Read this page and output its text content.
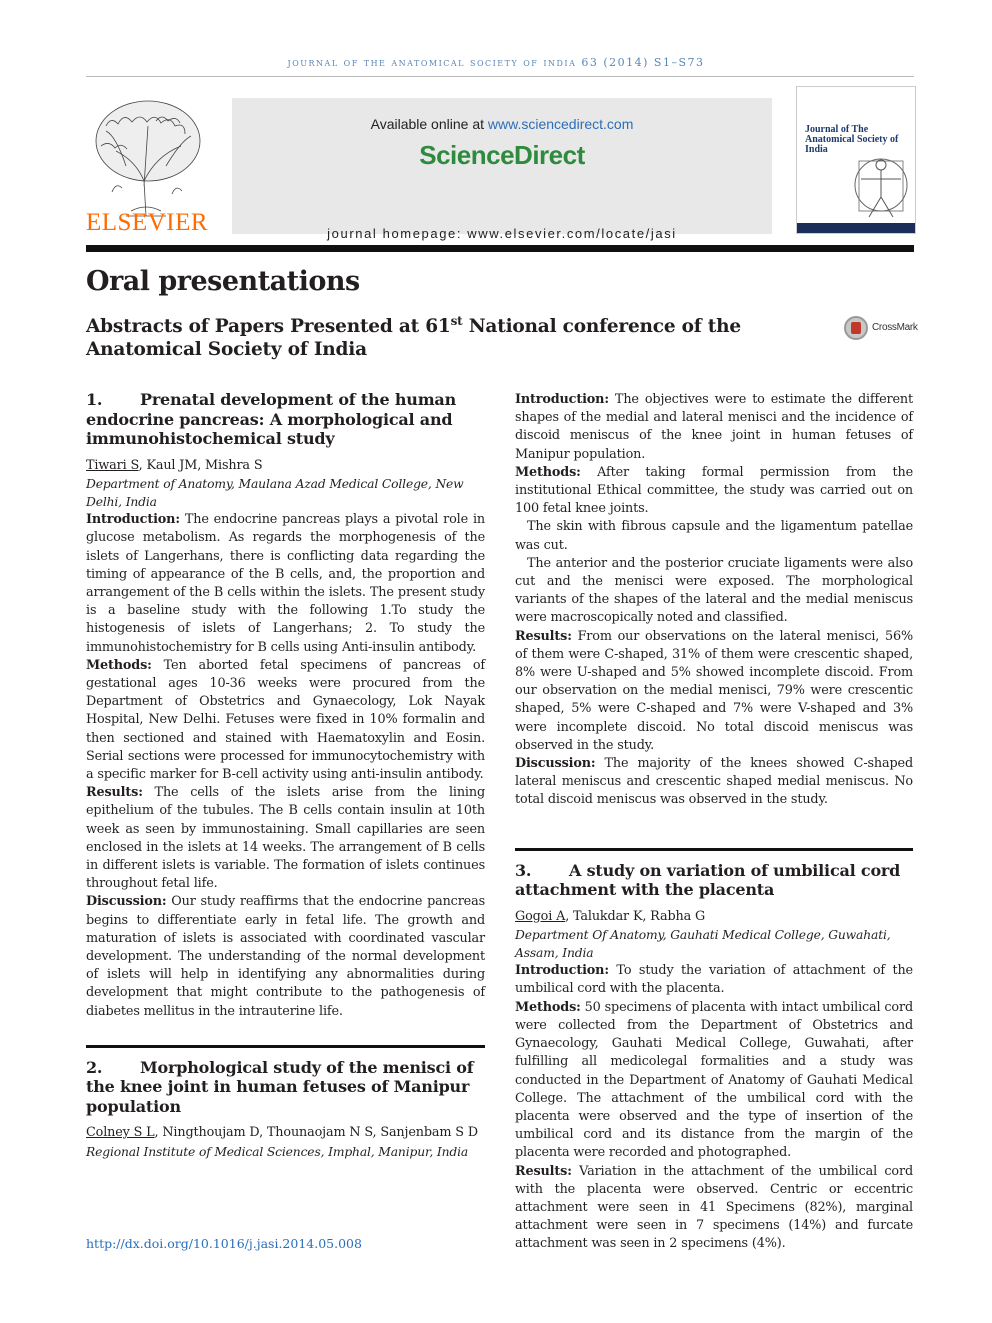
journal of the anatomical society of india 63 (2014) S1–S73
ELSEVIER
Available online at www.sciencedirect.com
ScienceDirect
journal homepage: www.elsevier.com/locate/jasi
Journal of The Anatomical Society of India
Oral presentations
Abstracts of Papers Presented at 61st National conference of the Anatomical Society of India
CrossMark
1. Prenatal development of the human endocrine pancreas: A morphological and immunohistochemical study

Tiwari S, Kaul JM, Mishra S

Department of Anatomy, Maulana Azad Medical College, New Delhi, India

Introduction: The endocrine pancreas plays a pivotal role in glucose metabolism. As regards the morphogenesis of the islets of Langerhans, there is conflicting data regarding the timing of appearance of the B cells, and, the proportion and arrangement of the B cells within the islets. The present study is a baseline study with the following 1.To study the histogenesis of islets of Langerhans; 2. To study the immunohistochemistry for B cells using Anti-insulin antibody.

Methods: Ten aborted fetal specimens of pancreas of gestational ages 10-36 weeks were procured from the Department of Obstetrics and Gynaecology, Lok Nayak Hospital, New Delhi. Fetuses were fixed in 10% formalin and then sectioned and stained with Haematoxylin and Eosin. Serial sections were processed for immunocytochemistry with a specific marker for B-cell activity using anti-insulin antibody.

Results: The cells of the islets arise from the lining epithelium of the tubules. The B cells contain insulin at 10th week as seen by immunostaining. Small capillaries are seen enclosed in the islets at 14 weeks. The arrangement of B cells in different islets is variable. The formation of islets continues throughout fetal life.

Discussion: Our study reaffirms that the endocrine pancreas begins to differentiate early in fetal life. The growth and maturation of islets is associated with coordinated vascular development. The understanding of the normal development of islets will help in identifying any abnormalities during development that might contribute to the pathogenesis of diabetes mellitus in the intrauterine life.

2. Morphological study of the menisci of the knee joint in human fetuses of Manipur population

Colney S L, Ningthoujam D, Thounaojam N S, Sanjenbam S D

Regional Institute of Medical Sciences, Imphal, Manipur, India

Introduction: The objectives were to estimate the different shapes of the medial and lateral menisci and the incidence of discoid meniscus of the knee joint in human fetuses of Manipur population.

Methods: After taking formal permission from the institutional Ethical committee, the study was carried out on 100 fetal knee joints.

The skin with fibrous capsule and the ligamentum patellae was cut.

The anterior and the posterior cruciate ligaments were also cut and the menisci were exposed. The morphological variants of the shapes of the lateral and the medial meniscus were macroscopically noted and classified.

Results: From our observations on the lateral menisci, 56% of them were C-shaped, 31% of them were crescentic shaped, 8% were U-shaped and 5% showed incomplete discoid. From our observation on the medial menisci, 79% were crescentic shaped, 5% were C-shaped and 7% were V-shaped and 3% were incomplete discoid. No total discoid meniscus was observed in the study.

Discussion: The majority of the knees showed C-shaped lateral meniscus and crescentic shaped medial meniscus. No total discoid meniscus was observed in the study.

3. A study on variation of umbilical cord attachment with the placenta

Gogoi A, Talukdar K, Rabha G

Department Of Anatomy, Gauhati Medical College, Guwahati, Assam, India

Introduction: To study the variation of attachment of the umbilical cord with the placenta.

Methods: 50 specimens of placenta with intact umbilical cord were collected from the Department of Obstetrics and Gynaecology, Gauhati Medical College, Guwahati, after fulfilling all medicolegal formalities and a study was conducted in the Department of Anatomy of Gauhati Medical College. The attachment of the umbilical cord with the placenta were observed and the type of insertion of the umbilical cord and its distance from the margin of the placenta were recorded and photographed.

Results: Variation in the attachment of the umbilical cord with the placenta were observed. Centric or eccentric attachment were seen in 41 Specimens (82%), marginal attachment were seen in 7 specimens (14%) and furcate attachment was seen in 2 specimens (4%).

http://dx.doi.org/10.1016/j.jasi.2014.05.008
